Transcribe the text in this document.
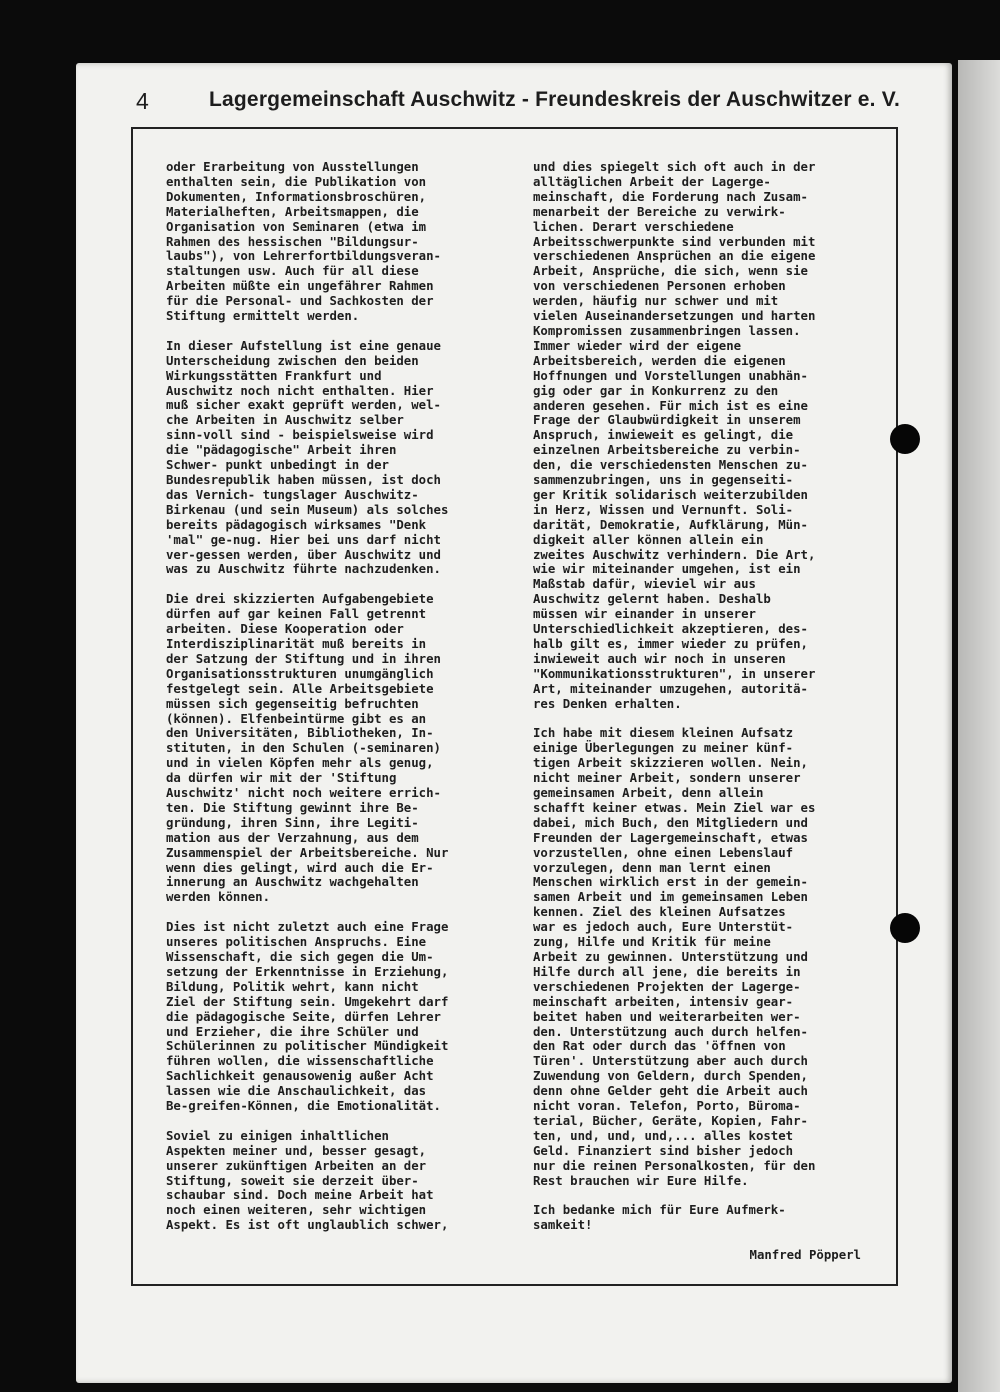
4	Lagergemeinschaft Auschwitz - Freundeskreis der Auschwitzer e. V.

oder Erarbeitung von Ausstellungen
enthalten sein, die Publikation von
Dokumenten, Informationsbroschüren,
Materialheften, Arbeitsmappen, die
Organisation von Seminaren (etwa im
Rahmen des hessischen "Bildungsur-
laubs"), von Lehrerfortbildungsveran-
staltungen usw. Auch für all diese
Arbeiten müßte ein ungefährer Rahmen
für die Personal- und Sachkosten der
Stiftung ermittelt werden.

In dieser Aufstellung ist eine genaue
Unterscheidung zwischen den beiden
Wirkungsstätten Frankfurt und
Auschwitz noch nicht enthalten. Hier
muß sicher exakt geprüft werden, wel-
che Arbeiten in Auschwitz selber
sinn-voll sind - beispielsweise wird
die "pädagogische" Arbeit ihren
Schwer- punkt unbedingt in der
Bundesrepublik haben müssen, ist doch
das Vernich- tungslager Auschwitz-
Birkenau (und sein Museum) als solches
bereits pädagogisch wirksames "Denk
'mal" ge-nug. Hier bei uns darf nicht
ver-gessen werden, über Auschwitz und
was zu Auschwitz führte nachzudenken.

Die drei skizzierten Aufgabengebiete
dürfen auf gar keinen Fall getrennt
arbeiten. Diese Kooperation oder
Interdisziplinarität muß bereits in
der Satzung der Stiftung und in ihren
Organisationsstrukturen unumgänglich
festgelegt sein. Alle Arbeitsgebiete
müssen sich gegenseitig befruchten
(können). Elfenbeintürme gibt es an
den Universitäten, Bibliotheken, In-
stituten, in den Schulen (-seminaren)
und in vielen Köpfen mehr als genug,
da dürfen wir mit der 'Stiftung
Auschwitz' nicht noch weitere errich-
ten. Die Stiftung gewinnt ihre Be-
gründung, ihren Sinn, ihre Legiti-
mation aus der Verzahnung, aus dem
Zusammenspiel der Arbeitsbereiche. Nur
wenn dies gelingt, wird auch die Er-
innerung an Auschwitz wachgehalten
werden können.

Dies ist nicht zuletzt auch eine Frage
unseres politischen Anspruchs. Eine
Wissenschaft, die sich gegen die Um-
setzung der Erkenntnisse in Erziehung,
Bildung, Politik wehrt, kann nicht
Ziel der Stiftung sein. Umgekehrt darf
die pädagogische Seite, dürfen Lehrer
und Erzieher, die ihre Schüler und
Schülerinnen zu politischer Mündigkeit
führen wollen, die wissenschaftliche
Sachlichkeit genausowenig außer Acht
lassen wie die Anschaulichkeit, das
Be-greifen-Können, die Emotionalität.

Soviel zu einigen inhaltlichen
Aspekten meiner und, besser gesagt,
unserer zukünftigen Arbeiten an der
Stiftung, soweit sie derzeit über-
schaubar sind. Doch meine Arbeit hat
noch einen weiteren, sehr wichtigen
Aspekt. Es ist oft unglaublich schwer,

und dies spiegelt sich oft auch in der
alltäglichen Arbeit der Lagerge-
meinschaft, die Forderung nach Zusam-
menarbeit der Bereiche zu verwirk-
lichen. Derart verschiedene
Arbeitsschwerpunkte sind verbunden mit
verschiedenen Ansprüchen an die eigene
Arbeit, Ansprüche, die sich, wenn sie
von verschiedenen Personen erhoben
werden, häufig nur schwer und mit
vielen Auseinandersetzungen und harten
Kompromissen zusammenbringen lassen.
Immer wieder wird der eigene
Arbeitsbereich, werden die eigenen
Hoffnungen und Vorstellungen unabhän-
gig oder gar in Konkurrenz zu den
anderen gesehen. Für mich ist es eine
Frage der Glaubwürdigkeit in unserem
Anspruch, inwieweit es gelingt, die
einzelnen Arbeitsbereiche zu verbin-
den, die verschiedensten Menschen zu-
sammenzubringen, uns in gegenseiti-
ger Kritik solidarisch weiterzubilden
in Herz, Wissen und Vernunft. Soli-
darität, Demokratie, Aufklärung, Mün-
digkeit aller können allein ein
zweites Auschwitz verhindern. Die Art,
wie wir miteinander umgehen, ist ein
Maßstab dafür, wieviel wir aus
Auschwitz gelernt haben. Deshalb
müssen wir einander in unserer
Unterschiedlichkeit akzeptieren, des-
halb gilt es, immer wieder zu prüfen,
inwieweit auch wir noch in unseren
"Kommunikationsstrukturen", in unserer
Art, miteinander umzugehen, autoritä-
res Denken erhalten.

Ich habe mit diesem kleinen Aufsatz
einige Überlegungen zu meiner künf-
tigen Arbeit skizzieren wollen. Nein,
nicht meiner Arbeit, sondern unserer
gemeinsamen Arbeit, denn allein
schafft keiner etwas. Mein Ziel war es
dabei, mich Buch, den Mitgliedern und
Freunden der Lagergemeinschaft, etwas
vorzustellen, ohne einen Lebenslauf
vorzulegen, denn man lernt einen
Menschen wirklich erst in der gemein-
samen Arbeit und im gemeinsamen Leben
kennen. Ziel des kleinen Aufsatzes
war es jedoch auch, Eure Unterstüt-
zung, Hilfe und Kritik für meine
Arbeit zu gewinnen. Unterstützung und
Hilfe durch all jene, die bereits in
verschiedenen Projekten der Lagerge-
meinschaft arbeiten, intensiv gear-
beitet haben und weiterarbeiten wer-
den. Unterstützung auch durch helfen-
den Rat oder durch das 'öffnen von
Türen'. Unterstützung aber auch durch
Zuwendung von Geldern, durch Spenden,
denn ohne Gelder geht die Arbeit auch
nicht voran. Telefon, Porto, Büroma-
terial, Bücher, Geräte, Kopien, Fahr-
ten, und, und, und,... alles kostet
Geld. Finanziert sind bisher jedoch
nur die reinen Personalkosten, für den
Rest brauchen wir Eure Hilfe.

Ich bedanke mich für Eure Aufmerk-
samkeit!

Manfred Pöpperl
